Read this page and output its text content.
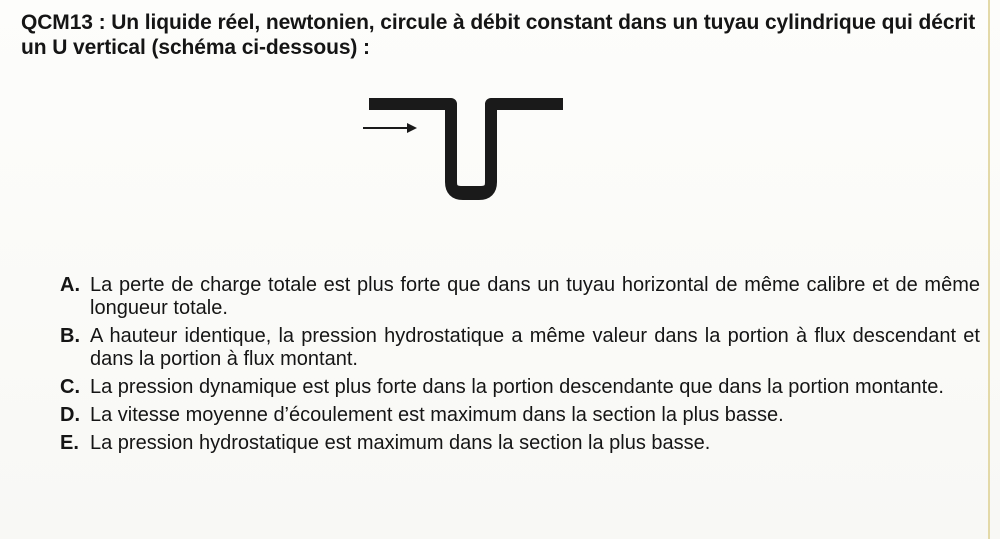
QCM13 : Un liquide réel, newtonien, circule à débit constant dans un tuyau cylindrique qui décrit un U vertical (schéma ci-dessous) :

A. La perte de charge totale est plus forte que dans un tuyau horizontal de même calibre et de même longueur totale.
B. A hauteur identique, la pression hydrostatique a même valeur dans la portion à flux descendant et dans la portion à flux montant.
C. La pression dynamique est plus forte dans la portion descendante que dans la portion montante.
D. La vitesse moyenne d’écoulement est maximum dans la section la plus basse.
E. La pression hydrostatique est maximum dans la section la plus basse.
